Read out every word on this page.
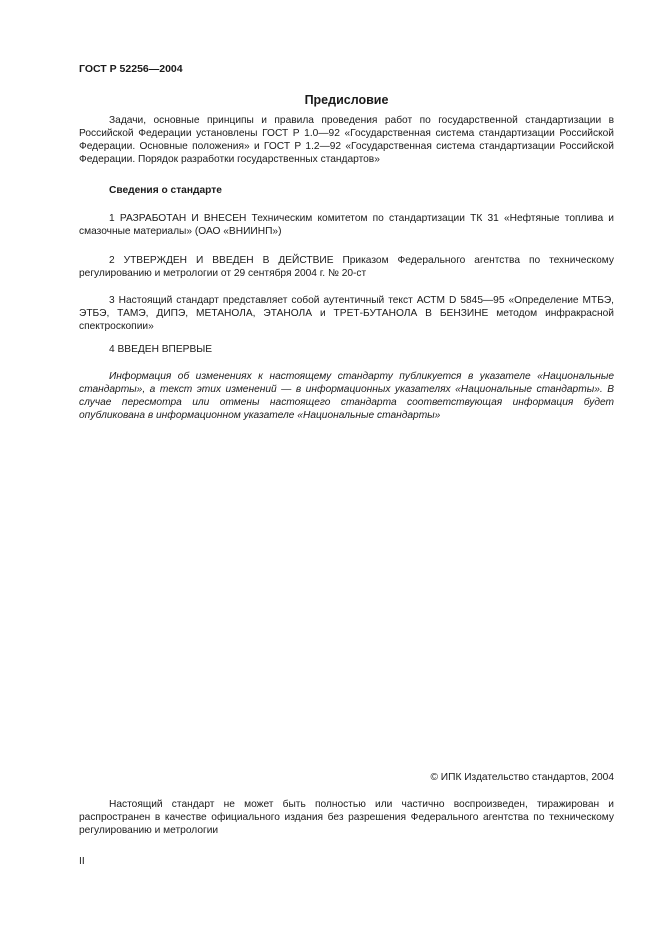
ГОСТ Р 52256—2004
Предисловие

Задачи, основные принципы и правила проведения работ по государственной стандартизации в Российской Федерации установлены ГОСТ Р 1.0—92 «Государственная система стандартизации Российской Федерации. Основные положения» и ГОСТ Р 1.2—92 «Государственная система стандартизации Российской Федерации. Порядок разработки государственных стандартов»

Сведения о стандарте

1 РАЗРАБОТАН И ВНЕСЕН Техническим комитетом по стандартизации ТК 31 «Нефтяные топлива и смазочные материалы» (ОАО «ВНИИНП»)

2 УТВЕРЖДЕН И ВВЕДЕН В ДЕЙСТВИЕ Приказом Федерального агентства по техническому регулированию и метрологии от 29 сентября 2004 г. № 20-ст

3 Настоящий стандарт представляет собой аутентичный текст АСТМ D 5845—95 «Определение МТБЭ, ЭТБЭ, ТАМЭ, ДИПЭ, МЕТАНОЛА, ЭТАНОЛА и ТРЕТ-БУТАНОЛА В БЕНЗИНЕ методом инфракрасной спектроскопии»

4 ВВЕДЕН ВПЕРВЫЕ

Информация об изменениях к настоящему стандарту публикуется в указателе «Национальные стандарты», а текст этих изменений — в информационных указателях «Национальные стандарты». В случае пересмотра или отмены настоящего стандарта соответствующая информация будет опубликована в информационном указателе «Национальные стандарты»

© ИПК Издательство стандартов, 2004

Настоящий стандарт не может быть полностью или частично воспроизведен, тиражирован и распространен в качестве официального издания без разрешения Федерального агентства по техническому регулированию и метрологии

II
